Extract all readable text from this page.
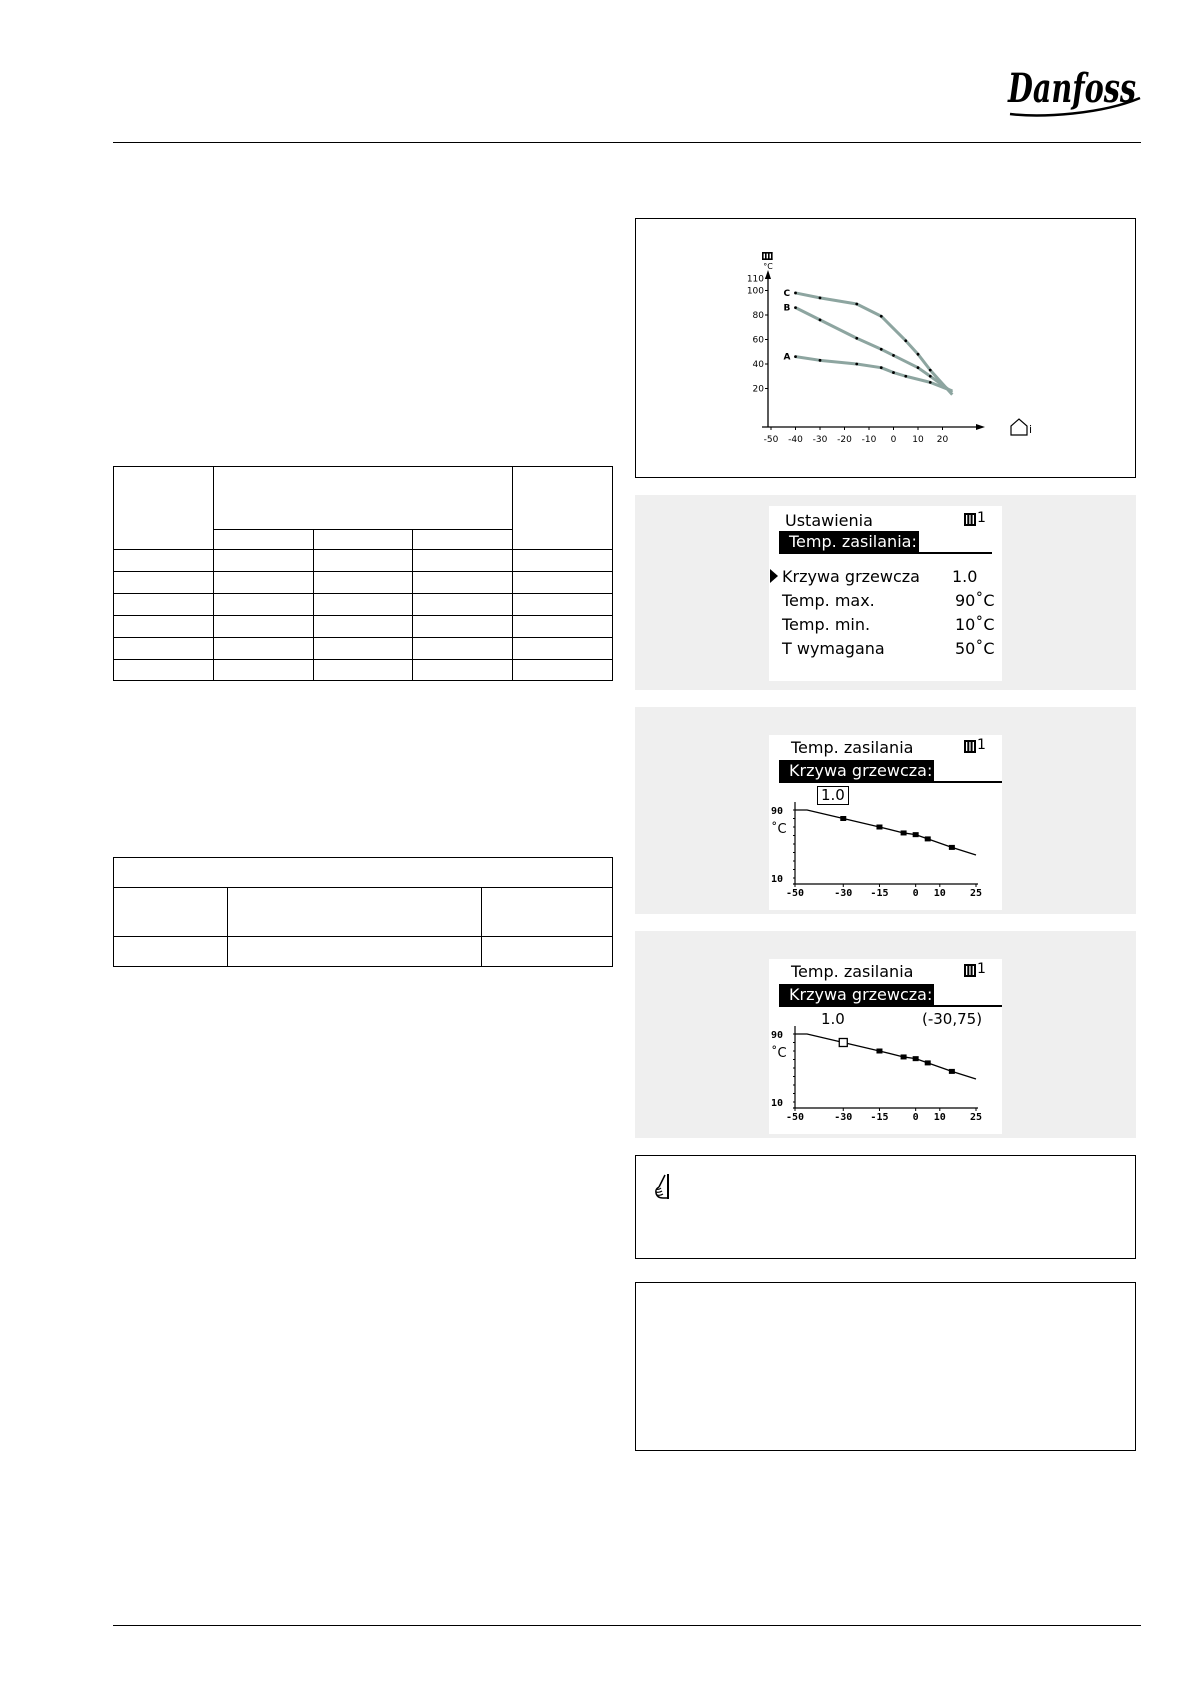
Danfoss

110
100
80
60
40
20
-50 -40 -30 -20 -10 0 10 20
°C
i
C
B
A
Ustawienia	1
Temp. zasilania:
Krzywa grzewcza 1.0
Temp. max.	90˚C
Temp. min.	10˚C
T wymagana	50˚C
Temp. zasilania	1
Krzywa grzewcza:
1.0
90
10
˚C
-50	-30 -15 0 10 25
Temp. zasilania	1
Krzywa grzewcza:
1.0	(-30,75)
90
10
˚C
-50	-30 -15 0 10 25
